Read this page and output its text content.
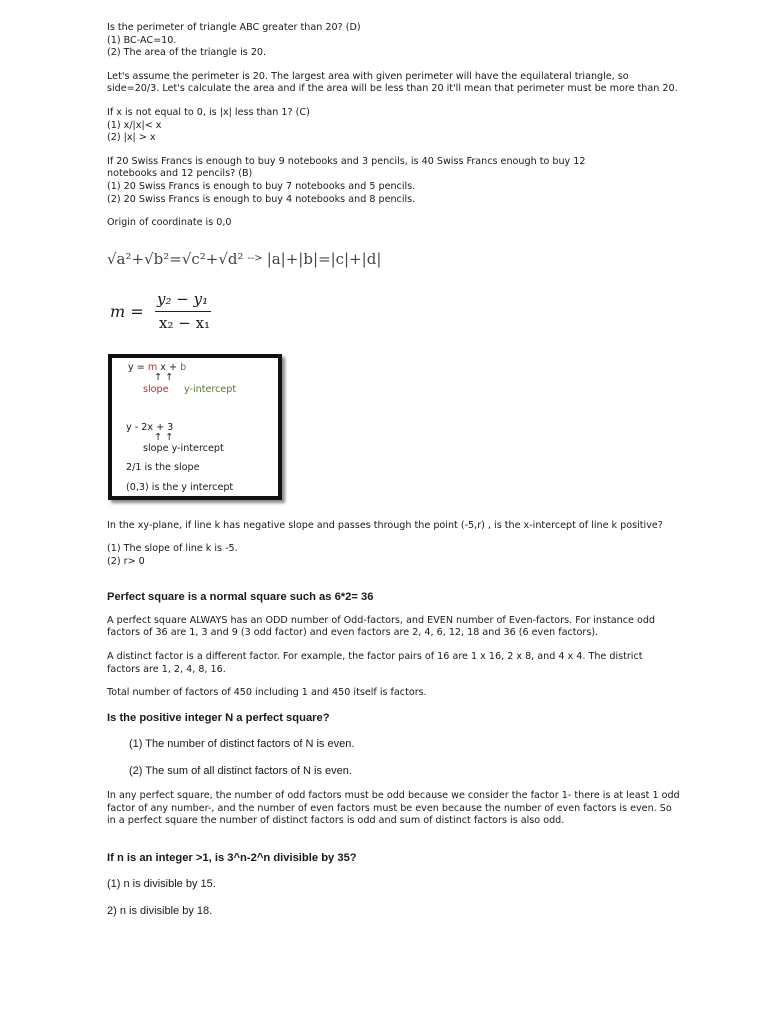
Is the perimeter of triangle ABC greater than 20? (D)

(1) BC-AC=10.

(2) The area of the triangle is 20.

Let's assume the perimeter is 20. The largest area with given perimeter will have the equilateral triangle, so

side=20/3. Let's calculate the area and if the area will be less than 20 it'll mean that perimeter must be more than 20.

If x is not equal to 0, is |x| less than 1? (C)

(1) x/|x|< x

(2) |x| > x

If 20 Swiss Francs is enough to buy 9 notebooks and 3 pencils, is 40 Swiss Francs enough to buy 12

notebooks and 12 pencils? (B)

(1) 20 Swiss Francs is enough to buy 7 notebooks and 5 pencils.

(2) 20 Swiss Francs is enough to buy 4 notebooks and 8 pencils.

Origin of coordinate is 0,0

√a²+√b²=√c²+√d² --> |a|+|b|=|c|+|d|
m =
y₂ − y₁
x₂ − x₁
y = m x + b
↑ ↑
slope y-intercept
y - 2x + 3
↑ ↑
slope y-intercept
2/1 is the slope
(0,3) is the y intercept

In the xy-plane, if line k has negative slope and passes through the point (-5,r) , is the x-intercept of line k positive?

(1) The slope of line k is -5.

(2) r> 0

Perfect square is a normal square such as 6*2= 36

A perfect square ALWAYS has an ODD number of Odd-factors, and EVEN number of Even-factors. For instance odd

factors of 36 are 1, 3 and 9 (3 odd factor) and even factors are 2, 4, 6, 12, 18 and 36 (6 even factors).

A distinct factor is a different factor. For example, the factor pairs of 16 are 1 x 16, 2 x 8, and 4 x 4. The district

factors are 1, 2, 4, 8, 16.

Total number of factors of 450 including 1 and 450 itself is factors.

Is the positive integer N a perfect square?

(1) The number of distinct factors of N is even.

(2) The sum of all distinct factors of N is even.

In any perfect square, the number of odd factors must be odd because we consider the factor 1- there is at least 1 odd

factor of any number-, and the number of even factors must be even because the number of even factors is even. So

in a perfect square the number of distinct factors is odd and sum of distinct factors is also odd.

If n is an integer >1, is 3^n-2^n divisible by 35?

(1) n is divisible by 15.

2) n is divisible by 18.
